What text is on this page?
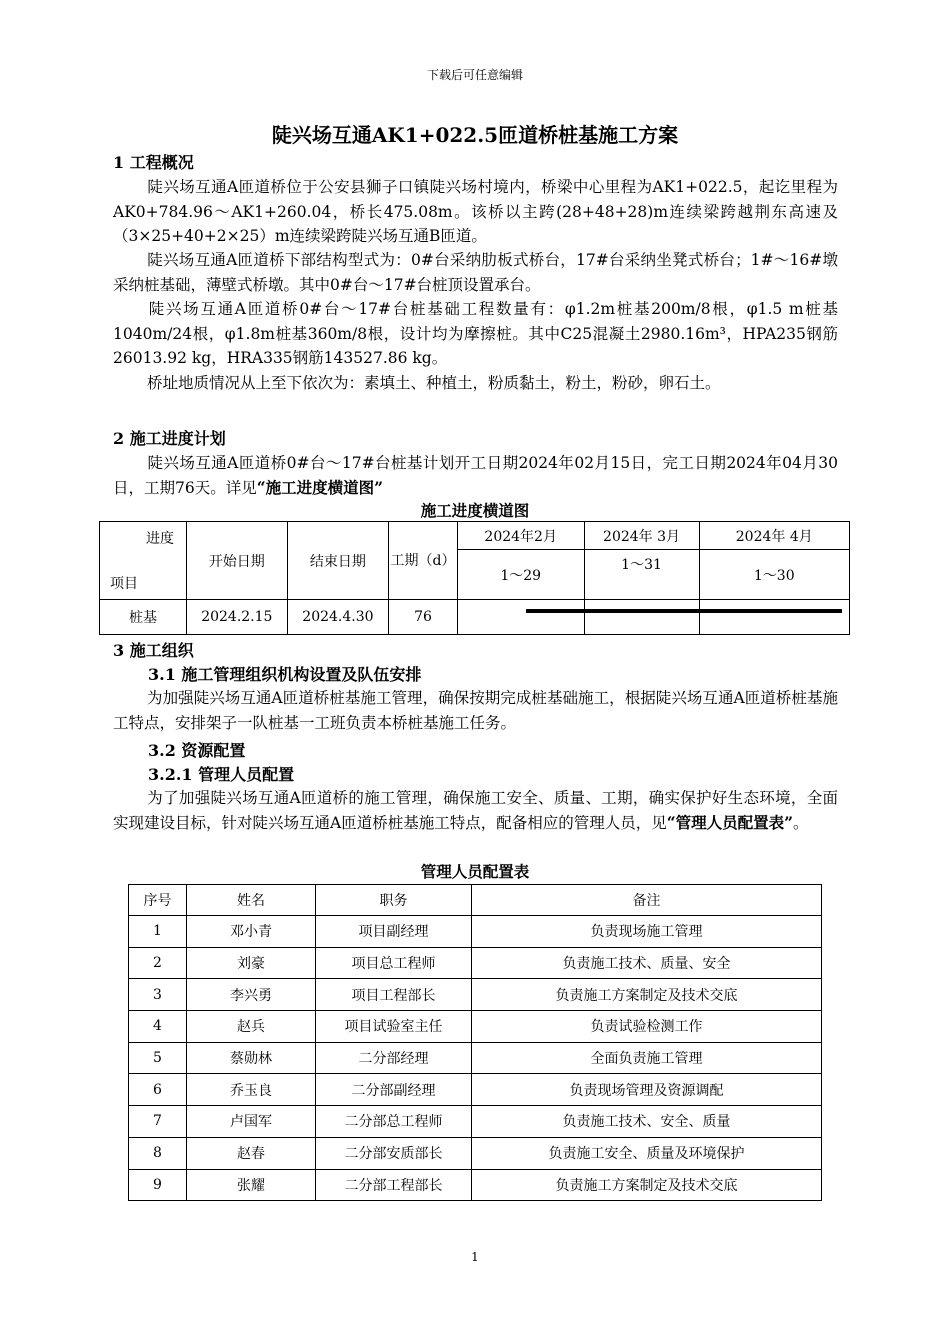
下载后可任意编辑
陡兴场互通AK1+022.5匝道桥桩基施工方案
1 工程概况
陡兴场互通A匝道桥位于公安县狮子口镇陡兴场村境内，桥梁中心里程为AK1+022.5，起讫里程为AK0+784.96～AK1+260.04，桥长475.08m。该桥以主跨(28+48+28)m连续梁跨越荆东高速及（3×25+40+2×25）m连续梁跨陡兴场互通B匝道。
陡兴场互通A匝道桥下部结构型式为：0#台采纳肋板式桥台，17#台采纳坐凳式桥台；1#～16#墩采纳桩基础，薄壁式桥墩。其中0#台～17#台桩顶设置承台。
陡兴场互通A匝道桥0#台～17#台桩基础工程数量有：φ1.2m桩基200m/8根，φ1.5 m桩基1040m/24根，φ1.8m桩基360m/8根，设计均为摩擦桩。其中C25混凝土2980.16m³，HPA235钢筋26013.92 kg，HRA335钢筋143527.86 kg。
桥址地质情况从上至下依次为：素填土、种植土，粉质黏土，粉土，粉砂，卵石土。
2 施工进度计划
陡兴场互通A匝道桥0#台～17#台桩基计划开工日期2024年02月15日，完工日期2024年04月30日，工期76天。详见“施工进度横道图”
施工进度横道图
进度
项目	开始日期	结束日期	工期（d）	2024年2月	2024年 3月	2024年 4月
				1～29	1～31	1～30
桩基	2024.2.15	2024.4.30	76			
3 施工组织
3.1 施工管理组织机构设置及队伍安排
为加强陡兴场互通A匝道桥桩基施工管理，确保按期完成桩基础施工，根据陡兴场互通A匝道桥桩基施工特点，安排架子一队桩基一工班负责本桥桩基施工任务。
3.2 资源配置
3.2.1 管理人员配置
为了加强陡兴场互通A匝道桥的施工管理，确保施工安全、质量、工期，确实保护好生态环境，全面实现建设目标，针对陡兴场互通A匝道桥桩基施工特点，配备相应的管理人员，见“管理人员配置表”。
管理人员配置表
序号	姓名	职务	备注
1	邓小青	项目副经理	负责现场施工管理
2	刘豪	项目总工程师	负责施工技术、质量、安全
3	李兴勇	项目工程部长	负责施工方案制定及技术交底
4	赵兵	项目试验室主任	负责试验检测工作
5	蔡勋林	二分部经理	全面负责施工管理
6	乔玉良	二分部副经理	负责现场管理及资源调配
7	卢国军	二分部总工程师	负责施工技术、安全、质量
8	赵春	二分部安质部长	负责施工安全、质量及环境保护
9	张耀	二分部工程部长	负责施工方案制定及技术交底
1
